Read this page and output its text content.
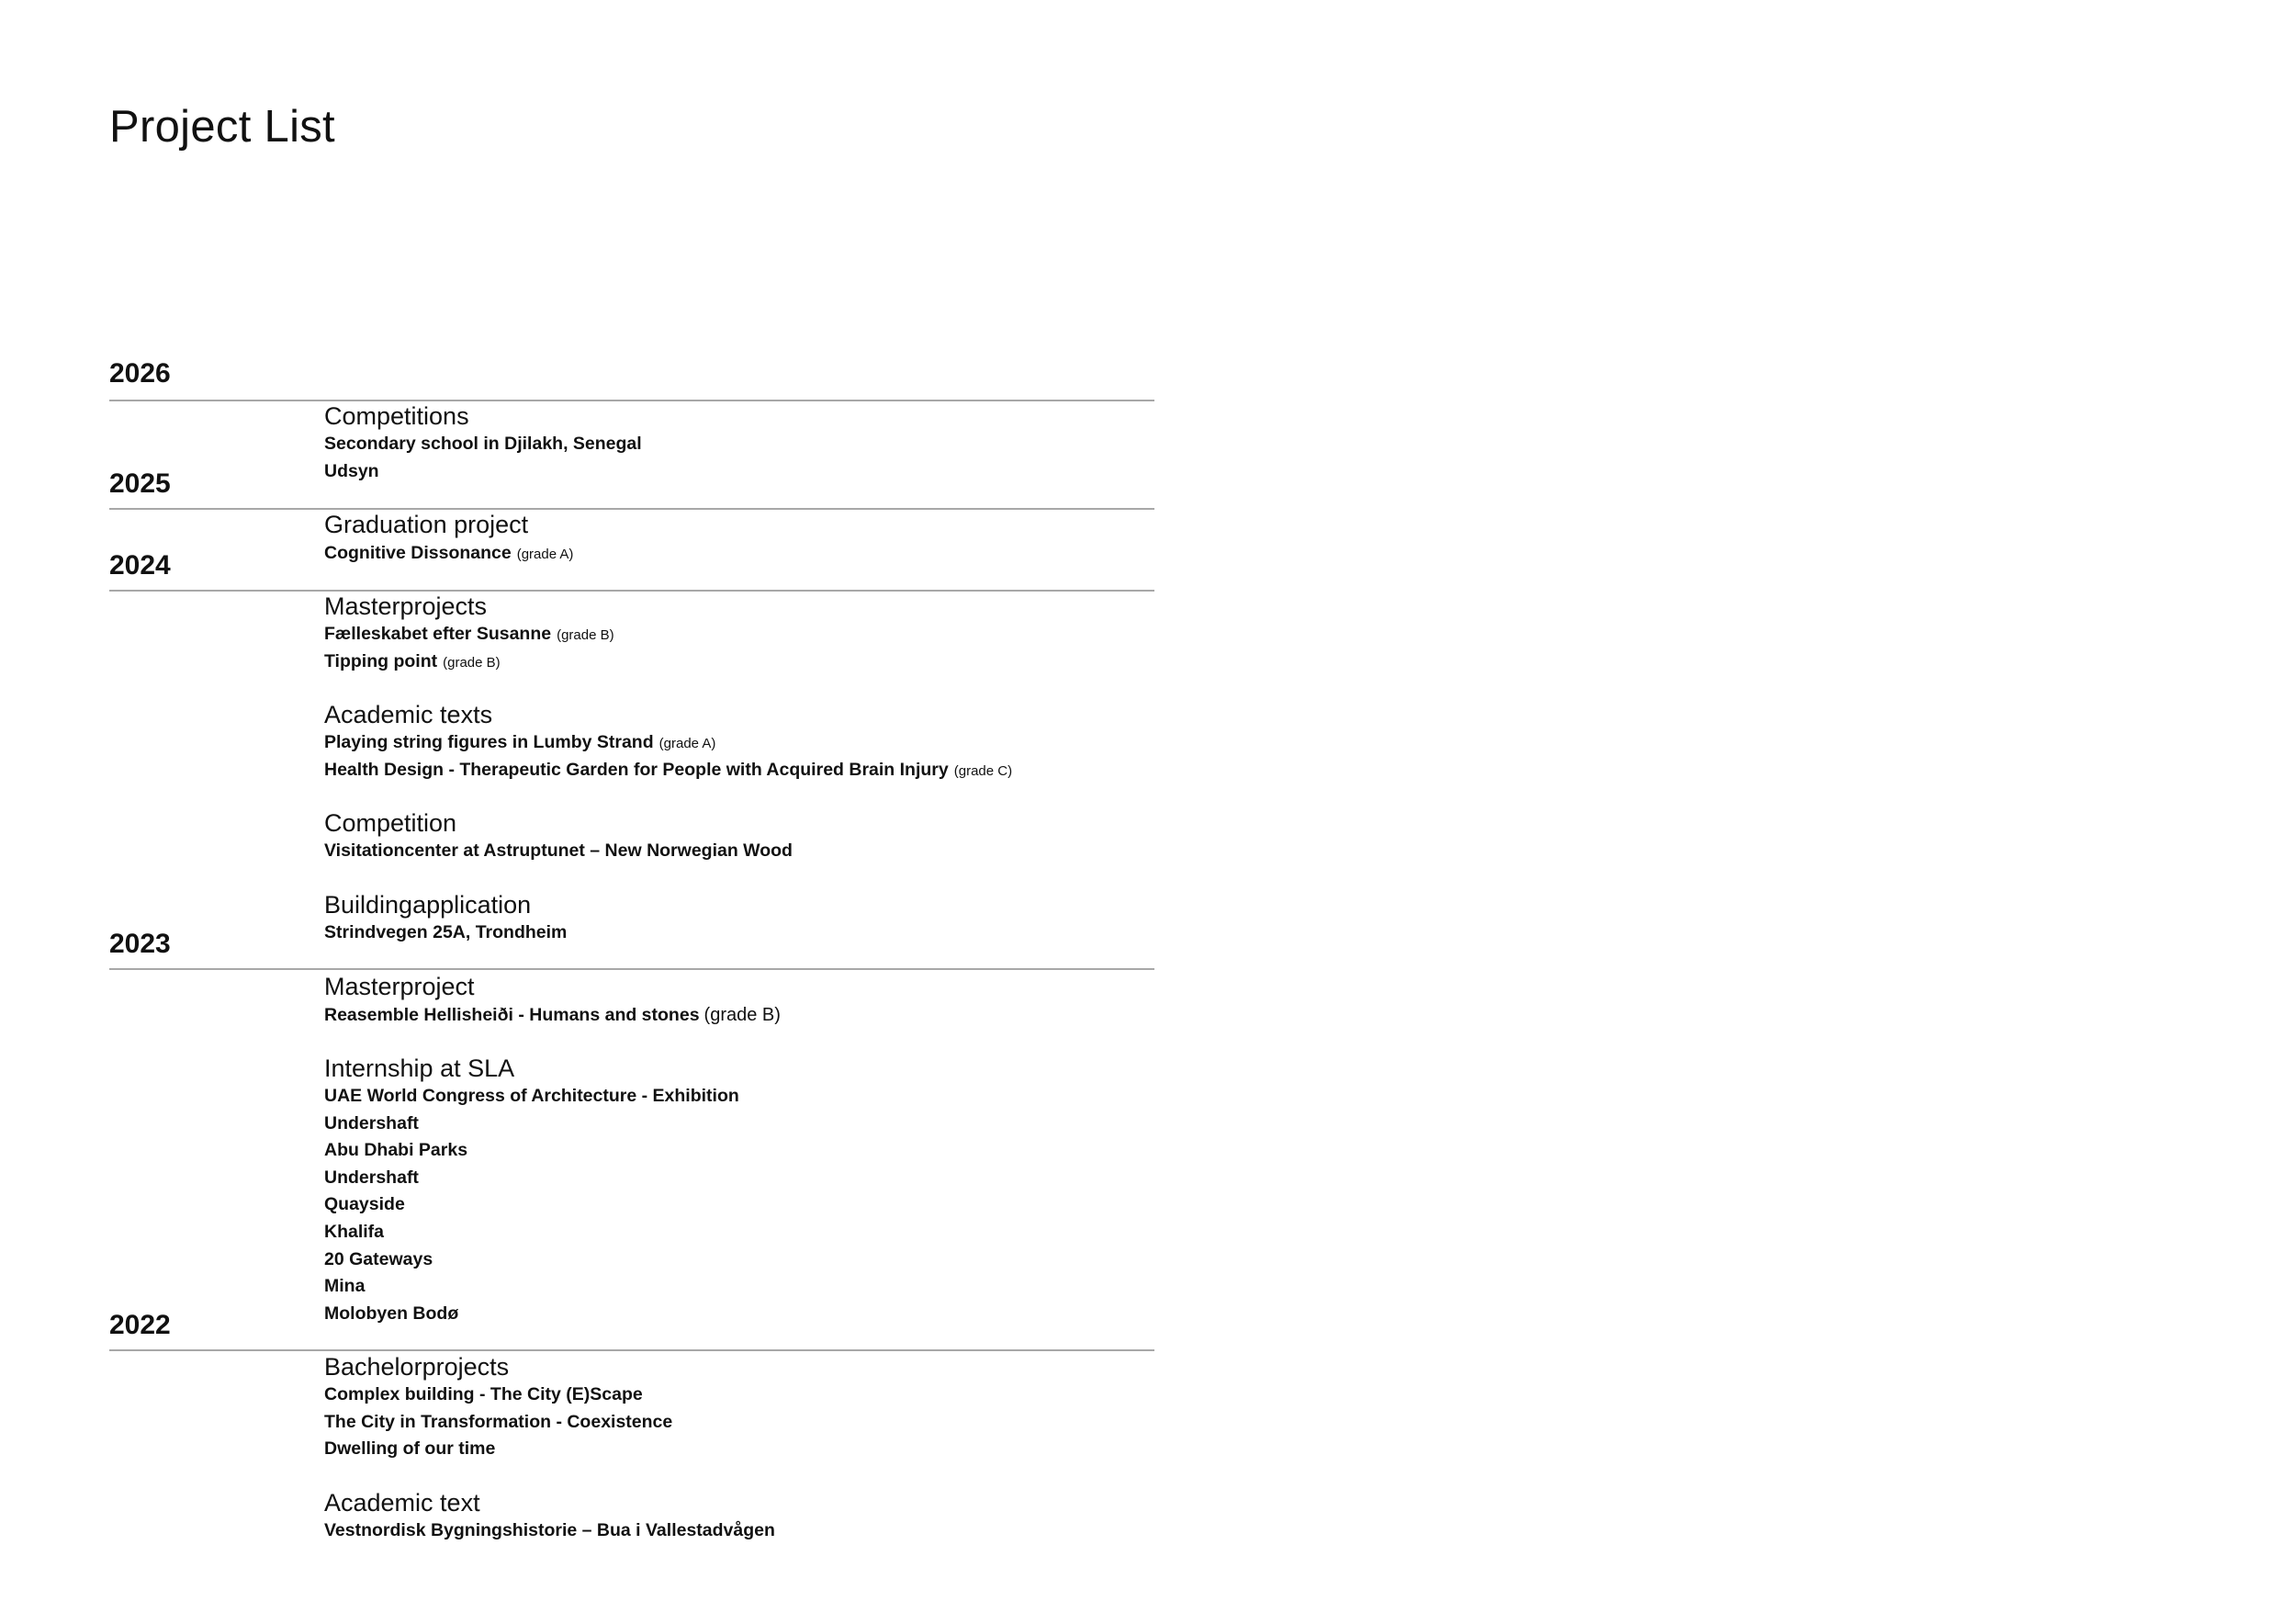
Project List
2026
Competitions
Secondary school in Djilakh, Senegal
Udsyn
2025
Graduation project
Cognitive Dissonance (grade A)
2024
Masterprojects
Fælleskabet efter Susanne (grade B)
Tipping point (grade B)
Academic texts
Playing string figures in Lumby Strand (grade A)
Health Design - Therapeutic Garden for People with Acquired Brain Injury (grade C)
Competition
Visitationcenter at Astruptunet – New Norwegian Wood
Buildingapplication
Strindvegen 25A, Trondheim
2023
Masterproject
Reasemble Hellisheiði - Humans and stones (grade B)
Internship at SLA
UAE World Congress of Architecture - Exhibition
Undershaft
Abu Dhabi Parks
Undershaft
Quayside
Khalifa
20 Gateways
Mina
Molobyen Bodø
2022
Bachelorprojects
Complex building - The City (E)Scape
The City in Transformation - Coexistence
Dwelling of our time
Academic text
Vestnordisk Bygningshistorie – Bua i Vallestadvågen
